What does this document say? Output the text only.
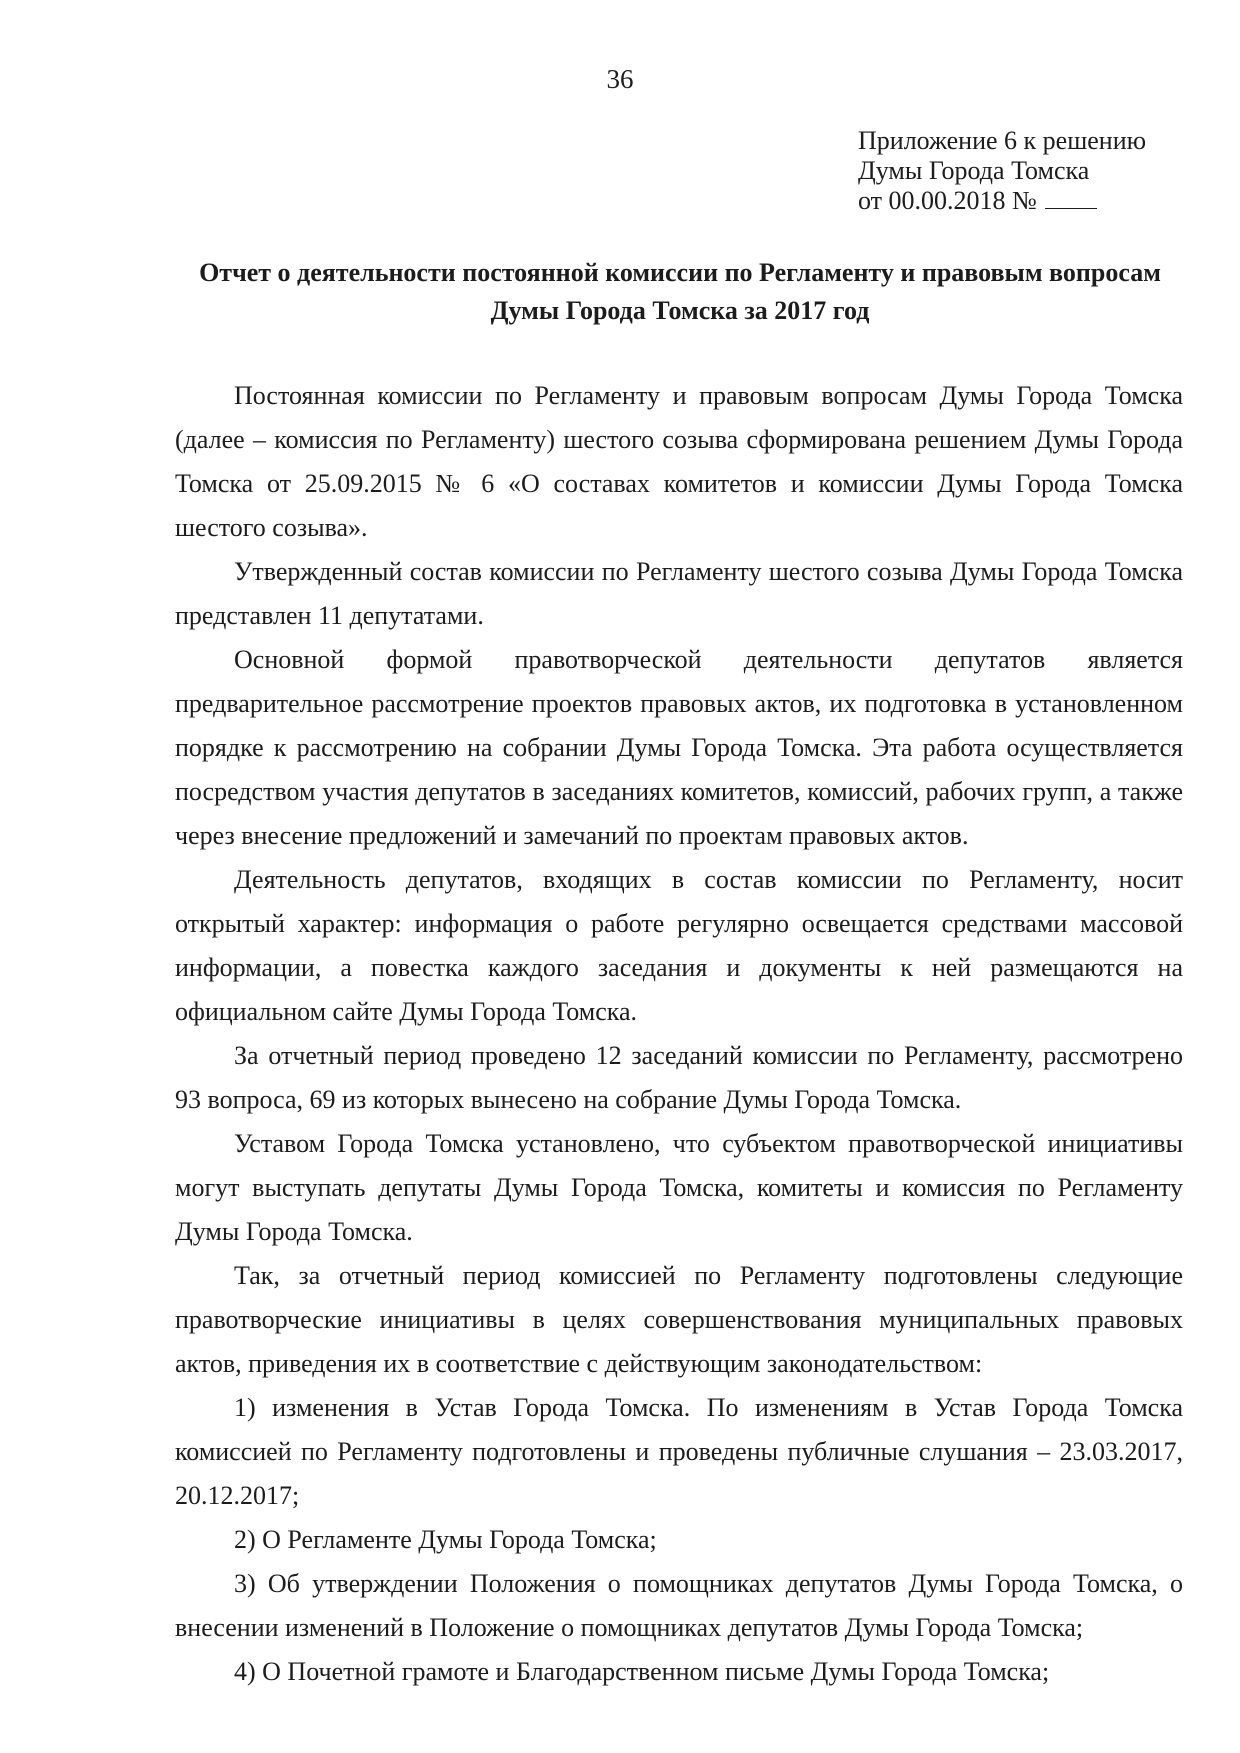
36
Приложение 6 к решению
Думы Города Томска
от 00.00.2018 №
Отчет о деятельности постоянной комиссии по Регламенту и правовым вопросам
Думы Города Томска за 2017 год

Постоянная комиссии по Регламенту и правовым вопросам Думы Города Томска (далее – комиссия по Регламенту) шестого созыва сформирована решением Думы Города Томска от 25.09.2015 № 6 «О составах комитетов и комиссии Думы Города Томска шестого созыва».

Утвержденный состав комиссии по Регламенту шестого созыва Думы Города Томска представлен 11 депутатами.

Основной формой правотворческой деятельности депутатов является предварительное рассмотрение проектов правовых актов, их подготовка в установленном порядке к рассмотрению на собрании Думы Города Томска. Эта работа осуществляется посредством участия депутатов в заседаниях комитетов, комиссий, рабочих групп, а также через внесение предложений и замечаний по проектам правовых актов.

Деятельность депутатов, входящих в состав комиссии по Регламенту, носит открытый характер: информация о работе регулярно освещается средствами массовой информации, а повестка каждого заседания и документы к ней размещаются на официальном сайте Думы Города Томска.

За отчетный период проведено 12 заседаний комиссии по Регламенту, рассмотрено 93 вопроса, 69 из которых вынесено на собрание Думы Города Томска.

Уставом Города Томска установлено, что субъектом правотворческой инициативы могут выступать депутаты Думы Города Томска, комитеты и комиссия по Регламенту Думы Города Томска.

Так, за отчетный период комиссией по Регламенту подготовлены следующие правотворческие инициативы в целях совершенствования муниципальных правовых актов, приведения их в соответствие с действующим законодательством:

1) изменения в Устав Города Томска. По изменениям в Устав Города Томска комиссией по Регламенту подготовлены и проведены публичные слушания – 23.03.2017, 20.12.2017;

2) О Регламенте Думы Города Томска;

3) Об утверждении Положения о помощниках депутатов Думы Города Томска, о внесении изменений в Положение о помощниках депутатов Думы Города Томска;

4) О Почетной грамоте и Благодарственном письме Думы Города Томска;
